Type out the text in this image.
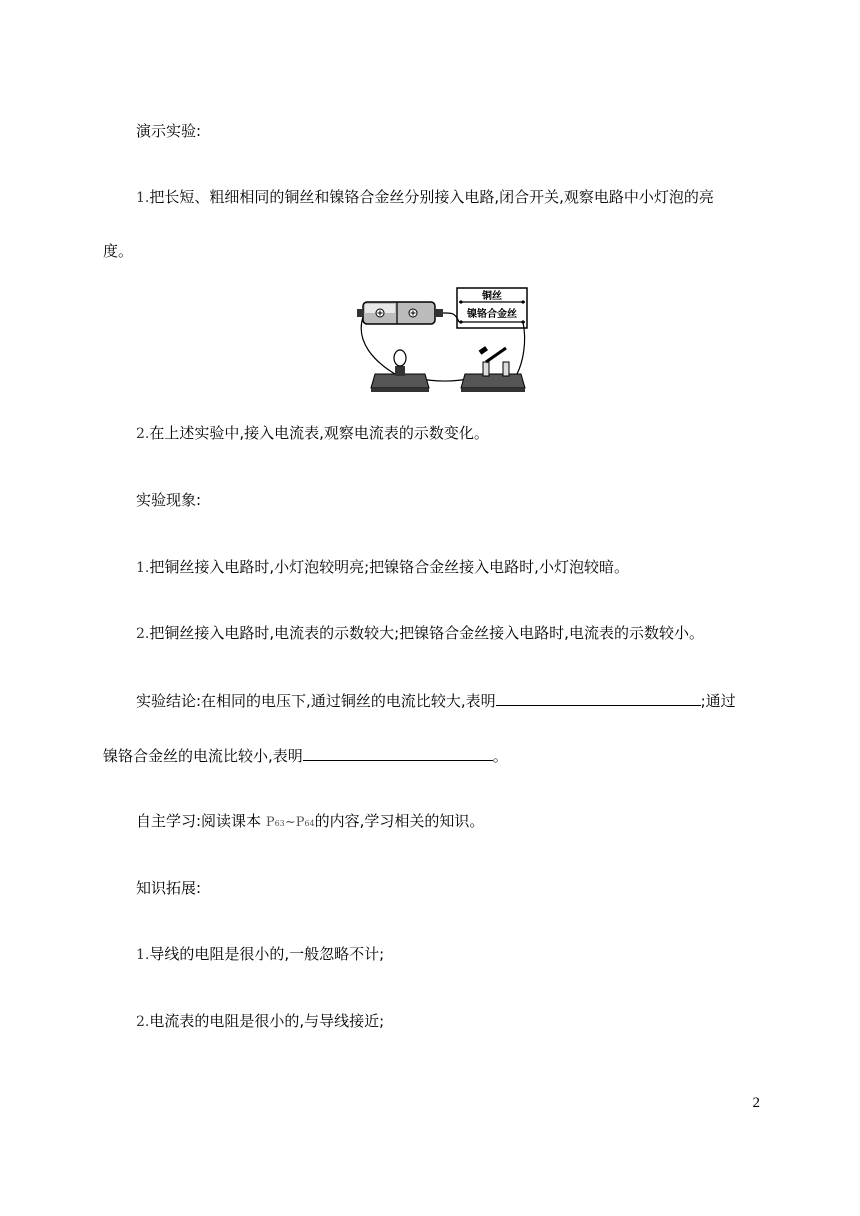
演示实验:
1.把长短、粗细相同的铜丝和镍铬合金丝分别接入电路,闭合开关,观察电路中小灯泡的亮
度。
铜丝
镍铬合金丝
2.在上述实验中,接入电流表,观察电流表的示数变化。
实验现象:
1.把铜丝接入电路时,小灯泡较明亮;把镍铬合金丝接入电路时,小灯泡较暗。
2.把铜丝接入电路时,电流表的示数较大;把镍铬合金丝接入电路时,电流表的示数较小。
实验结论:在相同的电压下,通过铜丝的电流比较大,表明	;通过
镍铬合金丝的电流比较小,表明	。
自主学习:阅读课本 P63~P64的内容,学习相关的知识。
知识拓展:
1.导线的电阻是很小的,一般忽略不计;
2.电流表的电阻是很小的,与导线接近;
2
